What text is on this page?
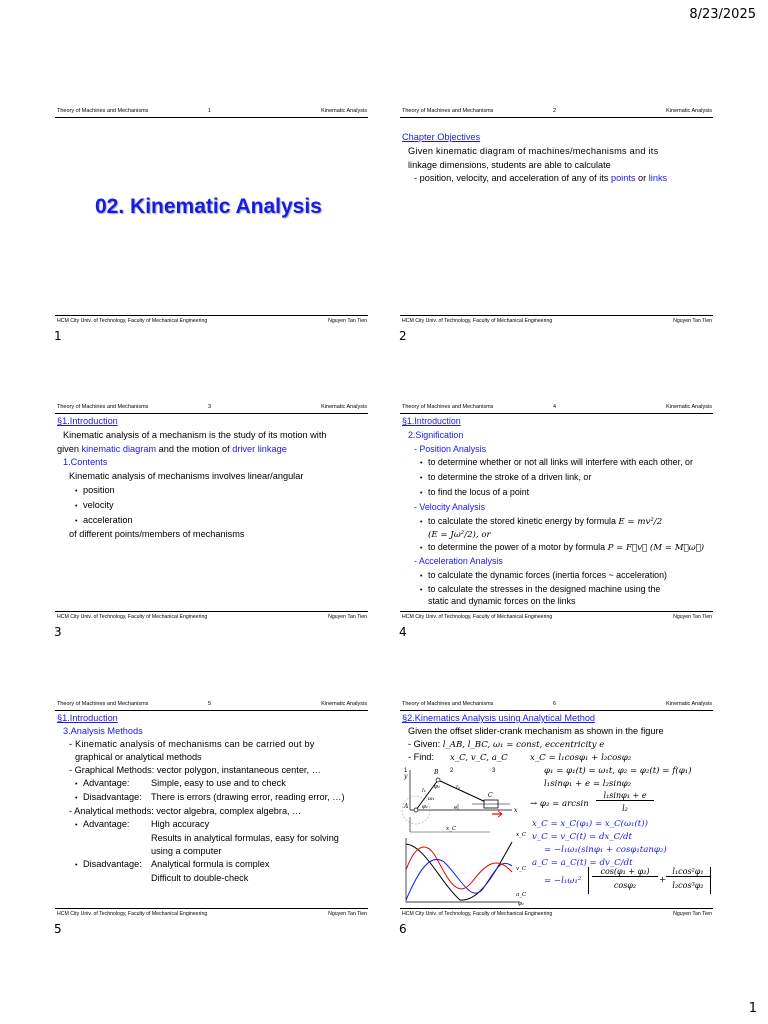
8/23/2025
Theory of Machines and Mechanisms	1	Kinematic Analysis
02. Kinematic Analysis
HCM City Univ. of Technology, Faculty of Mechanical Engineering	Nguyen Tan Tien
1
Theory of Machines and Mechanisms	2	Kinematic Analysis
Chapter Objectives
Given kinematic diagram of machines/mechanisms and its
linkage dimensions, students are able to calculate
- position, velocity, and acceleration of any of its points or links
HCM City Univ. of Technology, Faculty of Mechanical Engineering	Nguyen Tan Tien
2
Theory of Machines and Mechanisms	3	Kinematic Analysis
§1.Introduction
Kinematic analysis of a mechanism is the study of its motion with
given kinematic diagram and the motion of driver linkage
1.Contents
Kinematic analysis of mechanisms involves linear/angular
• position
• velocity
• acceleration
of different points/members of mechanisms
HCM City Univ. of Technology, Faculty of Mechanical Engineering	Nguyen Tan Tien
3
Theory of Machines and Mechanisms	4	Kinematic Analysis
§1.Introduction
2.Signification
- Position Analysis
• to determine whether or not all links will interfere with each other, or
• to determine the stroke of a driven link, or
• to find the locus of a point
- Velocity Analysis
• to calculate the stored kinetic energy by formula E = mv²/2
(E = Jω²/2), or
• to determine the power of a motor by formula P = F⃗v⃗ (M = M⃗ω⃗)
- Acceleration Analysis
• to calculate the dynamic forces (inertia forces ~ acceleration)
• to calculate the stresses in the designed machine using the
static and dynamic forces on the links
HCM City Univ. of Technology, Faculty of Mechanical Engineering	Nguyen Tan Tien
4
Theory of Machines and Mechanisms	5	Kinematic Analysis
§1.Introduction
3.Analysis Methods
- Kinematic analysis of mechanisms can be carried out by
graphical or analytical methods
- Graphical Methods: vector polygon, instantaneous center, …
• Advantage: Simple, easy to use and to check
• Disadvantage: There is errors (drawing error, reading error, …)
- Analytical methods: vector algebra, complex algebra, …
• Advantage: High accuracy
Results in analytical formulas, easy for solving
using a computer
• Disadvantage: Analytical formula is complex
Difficult to double-check
HCM City Univ. of Technology, Faculty of Mechanical Engineering	Nguyen Tan Tien
5
Theory of Machines and Mechanisms	6	Kinematic Analysis
§2.Kinematics Analysis using Analytical Method
Given the offset slider-crank mechanism as shown in the figure
- Given: l_AB, l_BC, ω₁ = const, eccentricity e
- Find: x_C, v_C, a_C	x_C = l₁cosφ₁ + l₂cosφ₂
φ₁ = φ₁(t) = ω₁t, φ₂ = φ₂(t) = f(φ₁)
l₁sinφ₁ + e = l₂sinφ₂
→ φ₂ = arcsin
l₁sinφ₁ + e
l₂
x_C = x_C(φ₁) = x_C(ω₁(t))
v_C = v_C(t) = dx_C/dt
= −l₁ω₁(sinφ₁ + cosφ₁tanφ₂)
a_C = a_C(t) = dv_C/dt
= −l₁ω₁²
cos(φ₁ + φ₂)
cosφ₂
+
l₁cos²φ₁
l₂cos³φ₂
y
1	2	3
A
B
C
x
l₁	l₂
φ₂
φ₁
ω₁
e
x_C
x_C
v_C
a_C
φ₁
HCM City Univ. of Technology, Faculty of Mechanical Engineering	Nguyen Tan Tien
6
1
